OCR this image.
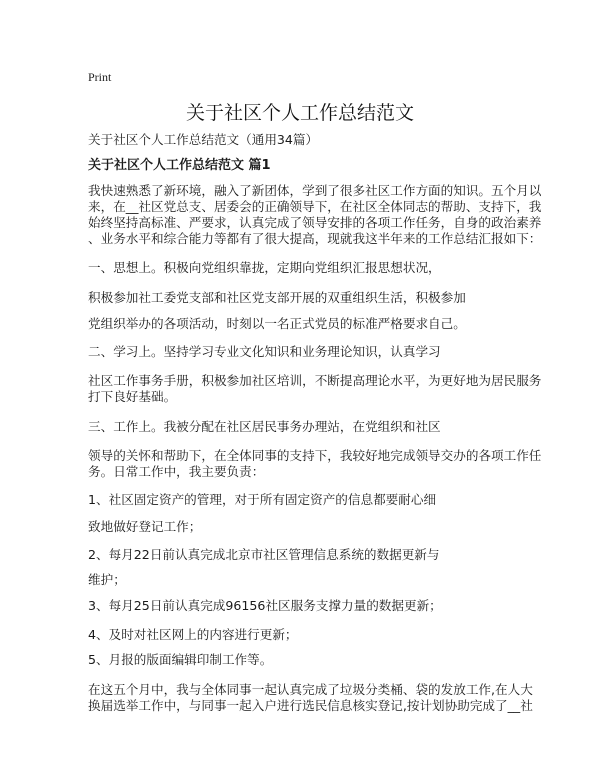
Print
关于社区个人工作总结范文
关于社区个人工作总结范文（通用34篇）
关于社区个人工作总结范文 篇1
我快速熟悉了新环境，融入了新团体，学到了很多社区工作方面的知识。五个月以
来，在__社区党总支、居委会的正确领导下，在社区全体同志的帮助、支持下，我
始终坚持高标准、严要求，认真完成了领导安排的各项工作任务，自身的政治素养
、业务水平和综合能力等都有了很大提高，现就我这半年来的工作总结汇报如下：
一、思想上。积极向党组织靠拢，定期向党组织汇报思想状况，
积极参加社工委党支部和社区党支部开展的双重组织生活，积极参加
党组织举办的各项活动，时刻以一名正式党员的标准严格要求自己。
二、学习上。坚持学习专业文化知识和业务理论知识，认真学习
社区工作事务手册，积极参加社区培训，不断提高理论水平，为更好地为居民服务
打下良好基础。
三、工作上。我被分配在社区居民事务办理站，在党组织和社区
领导的关怀和帮助下，在全体同事的支持下，我较好地完成领导交办的各项工作任
务。日常工作中，我主要负责：
1、社区固定资产的管理，对于所有固定资产的信息都要耐心细
致地做好登记工作；
2、每月22日前认真完成北京市社区管理信息系统的数据更新与
维护；
3、每月25日前认真完成96156社区服务支撑力量的数据更新；
4、及时对社区网上的内容进行更新；
5、月报的版面编辑印制工作等。
在这五个月中，我与全体同事一起认真完成了垃圾分类桶、袋的发放工作,在人大
换届选举工作中，与同事一起入户进行选民信息核实登记,按计划协助完成了__社
